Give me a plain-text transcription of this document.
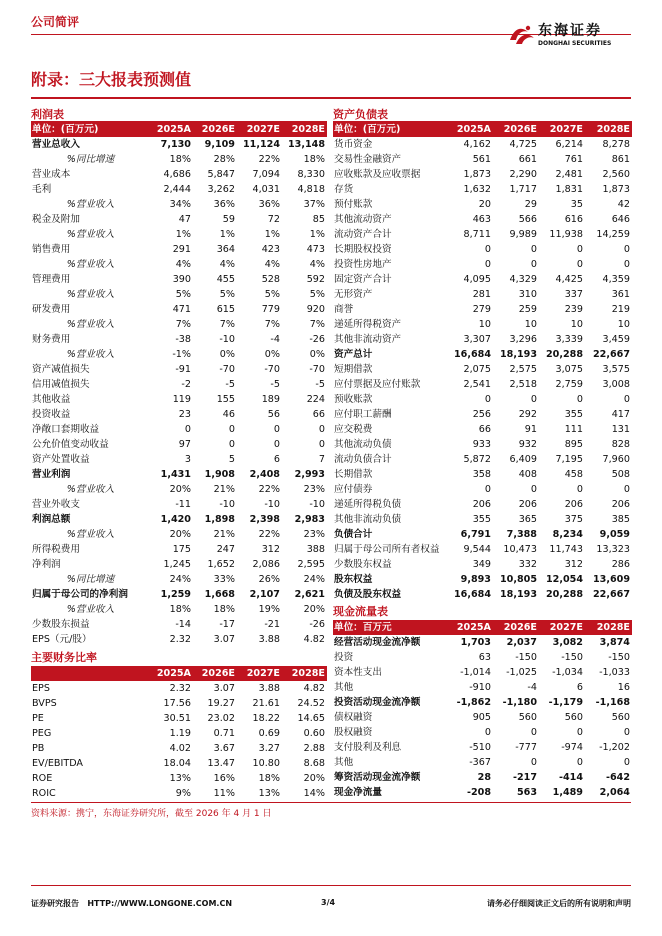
公司简评
东海证券
DONGHAI SECURITIES
附录：三大报表预测值
利润表	资产负债表
主要财务比率
现金流量表
单位：(百万元)	2025A	2026E	2027E	2028E
营业总收入	7,130	9,109	11,124	13,148
%同比增速	18%	28%	22%	18%
营业成本	4,686	5,847	7,094	8,330
毛利	2,444	3,262	4,031	4,818
%营业收入	34%	36%	36%	37%
税金及附加	47	59	72	85
%营业收入	1%	1%	1%	1%
销售费用	291	364	423	473
%营业收入	4%	4%	4%	4%
管理费用	390	455	528	592
%营业收入	5%	5%	5%	5%
研发费用	471	615	779	920
%营业收入	7%	7%	7%	7%
财务费用	-38	-10	-4	-26
%营业收入	-1%	0%	0%	0%
资产减值损失	-91	-70	-70	-70
信用减值损失	-2	-5	-5	-5
其他收益	119	155	189	224
投资收益	23	46	56	66
净敞口套期收益	0	0	0	0
公允价值变动收益	97	0	0	0
资产处置收益	3	5	6	7
营业利润	1,431	1,908	2,408	2,993
%营业收入	20%	21%	22%	23%
营业外收支	-11	-10	-10	-10
利润总额	1,420	1,898	2,398	2,983
%营业收入	20%	21%	22%	23%
所得税费用	175	247	312	388
净利润	1,245	1,652	2,086	2,595
%同比增速	24%	33%	26%	24%
归属于母公司的净利润	1,259	1,668	2,107	2,621
%营业收入	18%	18%	19%	20%
少数股东损益	-14	-17	-21	-26
EPS（元/股）	2.32	3.07	3.88	4.82
	2025A	2026E	2027E	2028E
EPS	2.32	3.07	3.88	4.82
BVPS	17.56	19.27	21.61	24.52
PE	30.51	23.02	18.22	14.65
PEG	1.19	0.71	0.69	0.60
PB	4.02	3.67	3.27	2.88
EV/EBITDA	18.04	13.47	10.80	8.68
ROE	13%	16%	18%	20%
ROIC	9%	11%	13%	14%
单位：(百万元)	2025A	2026E	2027E	2028E
货币资金	4,162	4,725	6,214	8,278
交易性金融资产	561	661	761	861
应收账款及应收票据	1,873	2,290	2,481	2,560
存货	1,632	1,717	1,831	1,873
预付账款	20	29	35	42
其他流动资产	463	566	616	646
流动资产合计	8,711	9,989	11,938	14,259
长期股权投资	0	0	0	0
投资性房地产	0	0	0	0
固定资产合计	4,095	4,329	4,425	4,359
无形资产	281	310	337	361
商誉	279	259	239	219
递延所得税资产	10	10	10	10
其他非流动资产	3,307	3,296	3,339	3,459
资产总计	16,684	18,193	20,288	22,667
短期借款	2,075	2,575	3,075	3,575
应付票据及应付账款	2,541	2,518	2,759	3,008
预收账款	0	0	0	0
应付职工薪酬	256	292	355	417
应交税费	66	91	111	131
其他流动负债	933	932	895	828
流动负债合计	5,872	6,409	7,195	7,960
长期借款	358	408	458	508
应付债券	0	0	0	0
递延所得税负债	206	206	206	206
其他非流动负债	355	365	375	385
负债合计	6,791	7,388	8,234	9,059
归属于母公司所有者权益	9,544	10,473	11,743	13,323
少数股东权益	349	332	312	286
股东权益	9,893	10,805	12,054	13,609
负债及股东权益	16,684	18,193	20,288	22,667
单位：百万元	2025A	2026E	2027E	2028E
经营活动现金流净额	1,703	2,037	3,082	3,874
投资	63	-150	-150	-150
资本性支出	-1,014	-1,025	-1,034	-1,033
其他	-910	-4	6	16
投资活动现金流净额	-1,862	-1,180	-1,179	-1,168
债权融资	905	560	560	560
股权融资	0	0	0	0
支付股利及利息	-510	-777	-974	-1,202
其他	-367	0	0	0
筹资活动现金流净额	28	-217	-414	-642
现金净流量	-208	563	1,489	2,064
资料来源：携宁，东海证券研究所，截至 2026 年 4 月 1 日
证券研究报告   HTTP://WWW.LONGONE.COM.CN	3/4	请务必仔细阅读正文后的所有说明和声明
